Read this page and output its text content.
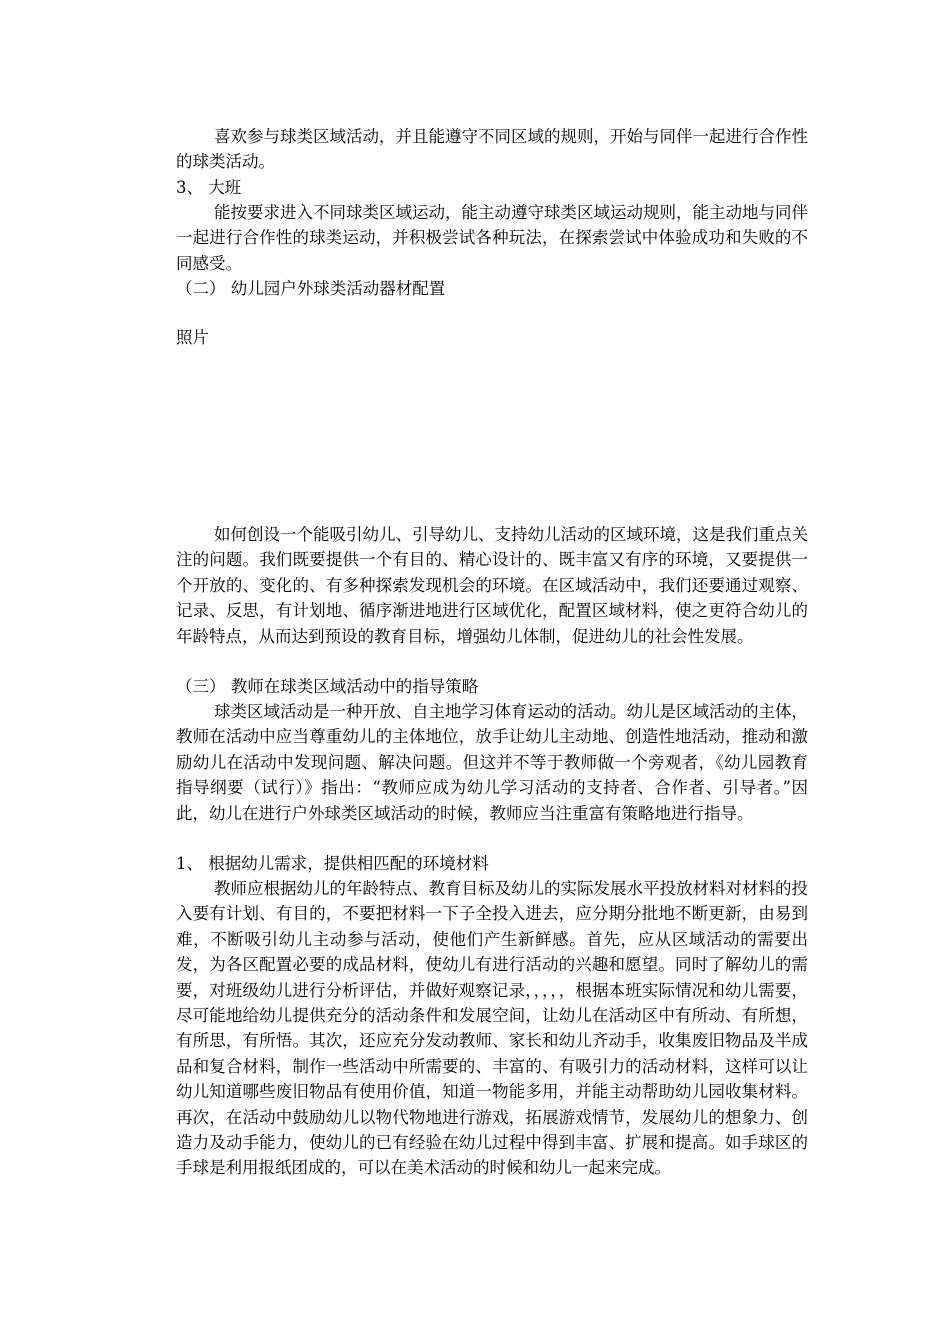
喜欢参与球类区域活动，并且能遵守不同区域的规则，开始与同伴一起进行合作性的球类活动。

3、 大班

能按要求进入不同球类区域运动，能主动遵守球类区域运动规则，能主动地与同伴一起进行合作性的球类运动，并积极尝试各种玩法，在探索尝试中体验成功和失败的不同感受。

（二） 幼儿园户外球类活动器材配置

照片

如何创设一个能吸引幼儿、引导幼儿、支持幼儿活动的区域环境，这是我们重点关注的问题。我们既要提供一个有目的、精心设计的、既丰富又有序的环境，又要提供一个开放的、变化的、有多种探索发现机会的环境。在区域活动中，我们还要通过观察、记录、反思，有计划地、循序渐进地进行区域优化，配置区域材料，使之更符合幼儿的年龄特点，从而达到预设的教育目标，增强幼儿体制，促进幼儿的社会性发展。

（三） 教师在球类区域活动中的指导策略

球类区域活动是一种开放、自主地学习体育运动的活动。幼儿是区域活动的主体，教师在活动中应当尊重幼儿的主体地位，放手让幼儿主动地、创造性地活动，推动和激励幼儿在活动中发现问题、解决问题。但这并不等于教师做一个旁观者，《幼儿园教育指导纲要（试行）》指出：“教师应成为幼儿学习活动的支持者、合作者、引导者。”因此，幼儿在进行户外球类区域活动的时候，教师应当注重富有策略地进行指导。

1、 根据幼儿需求，提供相匹配的环境材料

教师应根据幼儿的年龄特点、教育目标及幼儿的实际发展水平投放材料对材料的投入要有计划、有目的，不要把材料一下子全投入进去，应分期分批地不断更新，由易到难，不断吸引幼儿主动参与活动，使他们产生新鲜感。首先，应从区域活动的需要出发，为各区配置必要的成品材料，使幼儿有进行活动的兴趣和愿望。同时了解幼儿的需要，对班级幼儿进行分析评估，并做好观察记录，，，，，根据本班实际情况和幼儿需要，尽可能地给幼儿提供充分的活动条件和发展空间，让幼儿在活动区中有所动、有所想，有所思，有所悟。其次，还应充分发动教师、家长和幼儿齐动手，收集废旧物品及半成品和复合材料，制作一些活动中所需要的、丰富的、有吸引力的活动材料，这样可以让幼儿知道哪些废旧物品有使用价值，知道一物能多用，并能主动帮助幼儿园收集材料。再次，在活动中鼓励幼儿以物代物地进行游戏，拓展游戏情节，发展幼儿的想象力、创造力及动手能力，使幼儿的已有经验在幼儿过程中得到丰富、扩展和提高。如手球区的手球是利用报纸团成的，可以在美术活动的时候和幼儿一起来完成。
